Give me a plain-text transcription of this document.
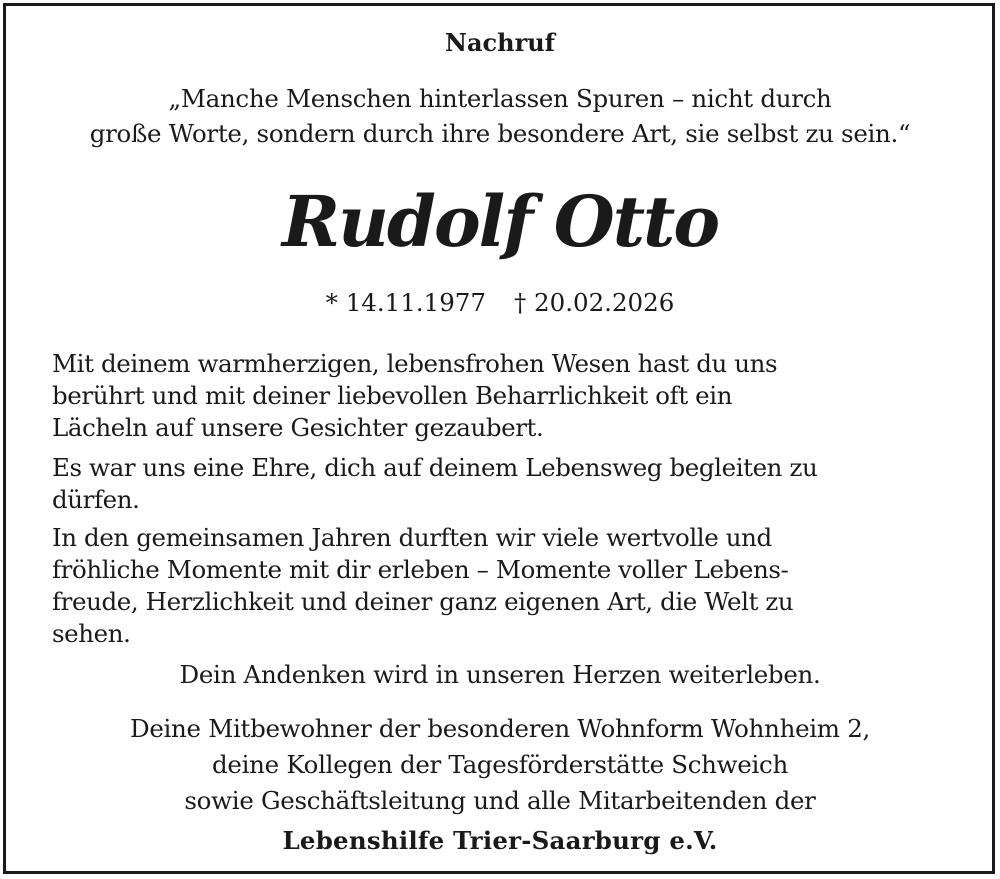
Nachruf
„Manche Menschen hinterlassen Spuren – nicht durch
große Worte, sondern durch ihre besondere Art, sie selbst zu sein.“
Rudolf Otto
* 14.11.1977 † 20.02.2026

Mit deinem warmherzigen, lebensfrohen Wesen hast du uns

berührt und mit deiner liebevollen Beharrlichkeit oft ein

Lächeln auf unsere Gesichter gezaubert.

Es war uns eine Ehre, dich auf deinem Lebensweg begleiten zu

dürfen.

In den gemeinsamen Jahren durften wir viele wertvolle und

fröhliche Momente mit dir erleben – Momente voller Lebens-

freude, Herzlichkeit und deiner ganz eigenen Art, die Welt zu

sehen.

Dein Andenken wird in unseren Herzen weiterleben.
Deine Mitbewohner der besonderen Wohnform Wohnheim 2,
deine Kollegen der Tagesförderstätte Schweich
sowie Geschäftsleitung und alle Mitarbeitenden der
Lebenshilfe Trier-Saarburg e.V.
